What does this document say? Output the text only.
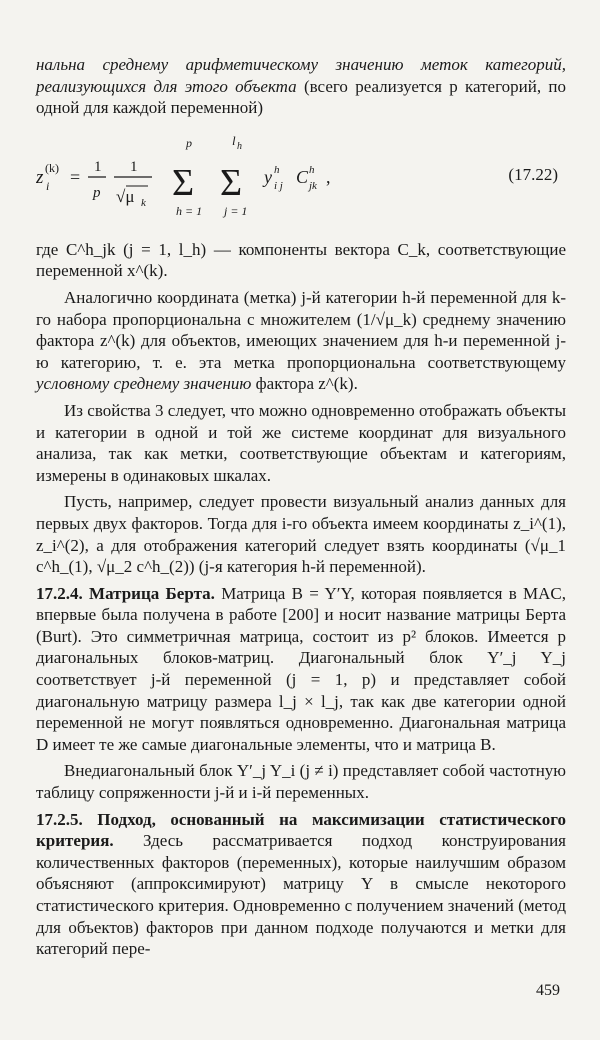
нальна среднему арифметическому значению меток категорий, реализующихся для этого объекта (всего реализуется p категорий, по одной для каждой переменной)

z i
(k) = 1
p
1
√μ k
p
Σ
h = 1
l h
Σ
j = 1
y h
i j C h
jk ,	(17.22)

где C^h_jk (j = 1, l_h) — компоненты вектора C_k, соответствующие переменной x^(k).

Аналогично координата (метка) j-й категории h-й переменной для k-го набора пропорциональна с множителем (1/√μ_k) среднему значению фактора z^(k) для объектов, имеющих значением для h-и переменной j-ю категорию, т. е. эта метка пропорциональна соответствующему условному среднему значению фактора z^(k).

Из свойства 3 следует, что можно одновременно отображать объекты и категории в одной и той же системе координат для визуального анализа, так как метки, соответствующие объектам и категориям, измерены в одинаковых шкалах.

Пусть, например, следует провести визуальный анализ данных для первых двух факторов. Тогда для i-го объекта имеем координаты z_i^(1), z_i^(2), а для отображения категорий следует взять координаты (√μ_1 c^h_(1), √μ_2 c^h_(2)) (j-я категория h-й переменной).

17.2.4. Матрица Берта. Матрица B = Y′Y, которая появляется в MAC, впервые была получена в работе [200] и носит название матрицы Берта (Burt). Это симметричная матрица, состоит из p² блоков. Имеется p диагональных блоков-матриц. Диагональный блок Y′_j Y_j соответствует j-й переменной (j = 1, p) и представляет собой диагональную матрицу размера l_j × l_j, так как две категории одной переменной не могут появляться одновременно. Диагональная матрица D имеет те же самые диагональные элементы, что и матрица B.

Внедиагональный блок Y′_j Y_i (j ≠ i) представляет собой частотную таблицу сопряженности j-й и i-й переменных.

17.2.5. Подход, основанный на максимизации статистического критерия. Здесь рассматривается подход конструирования количественных факторов (переменных), которые наилучшим образом объясняют (аппроксимируют) матрицу Y в смысле некоторого статистического критерия. Одновременно с получением значений (метод для объектов) факторов при данном подходе получаются и метки для категорий пере-

459
